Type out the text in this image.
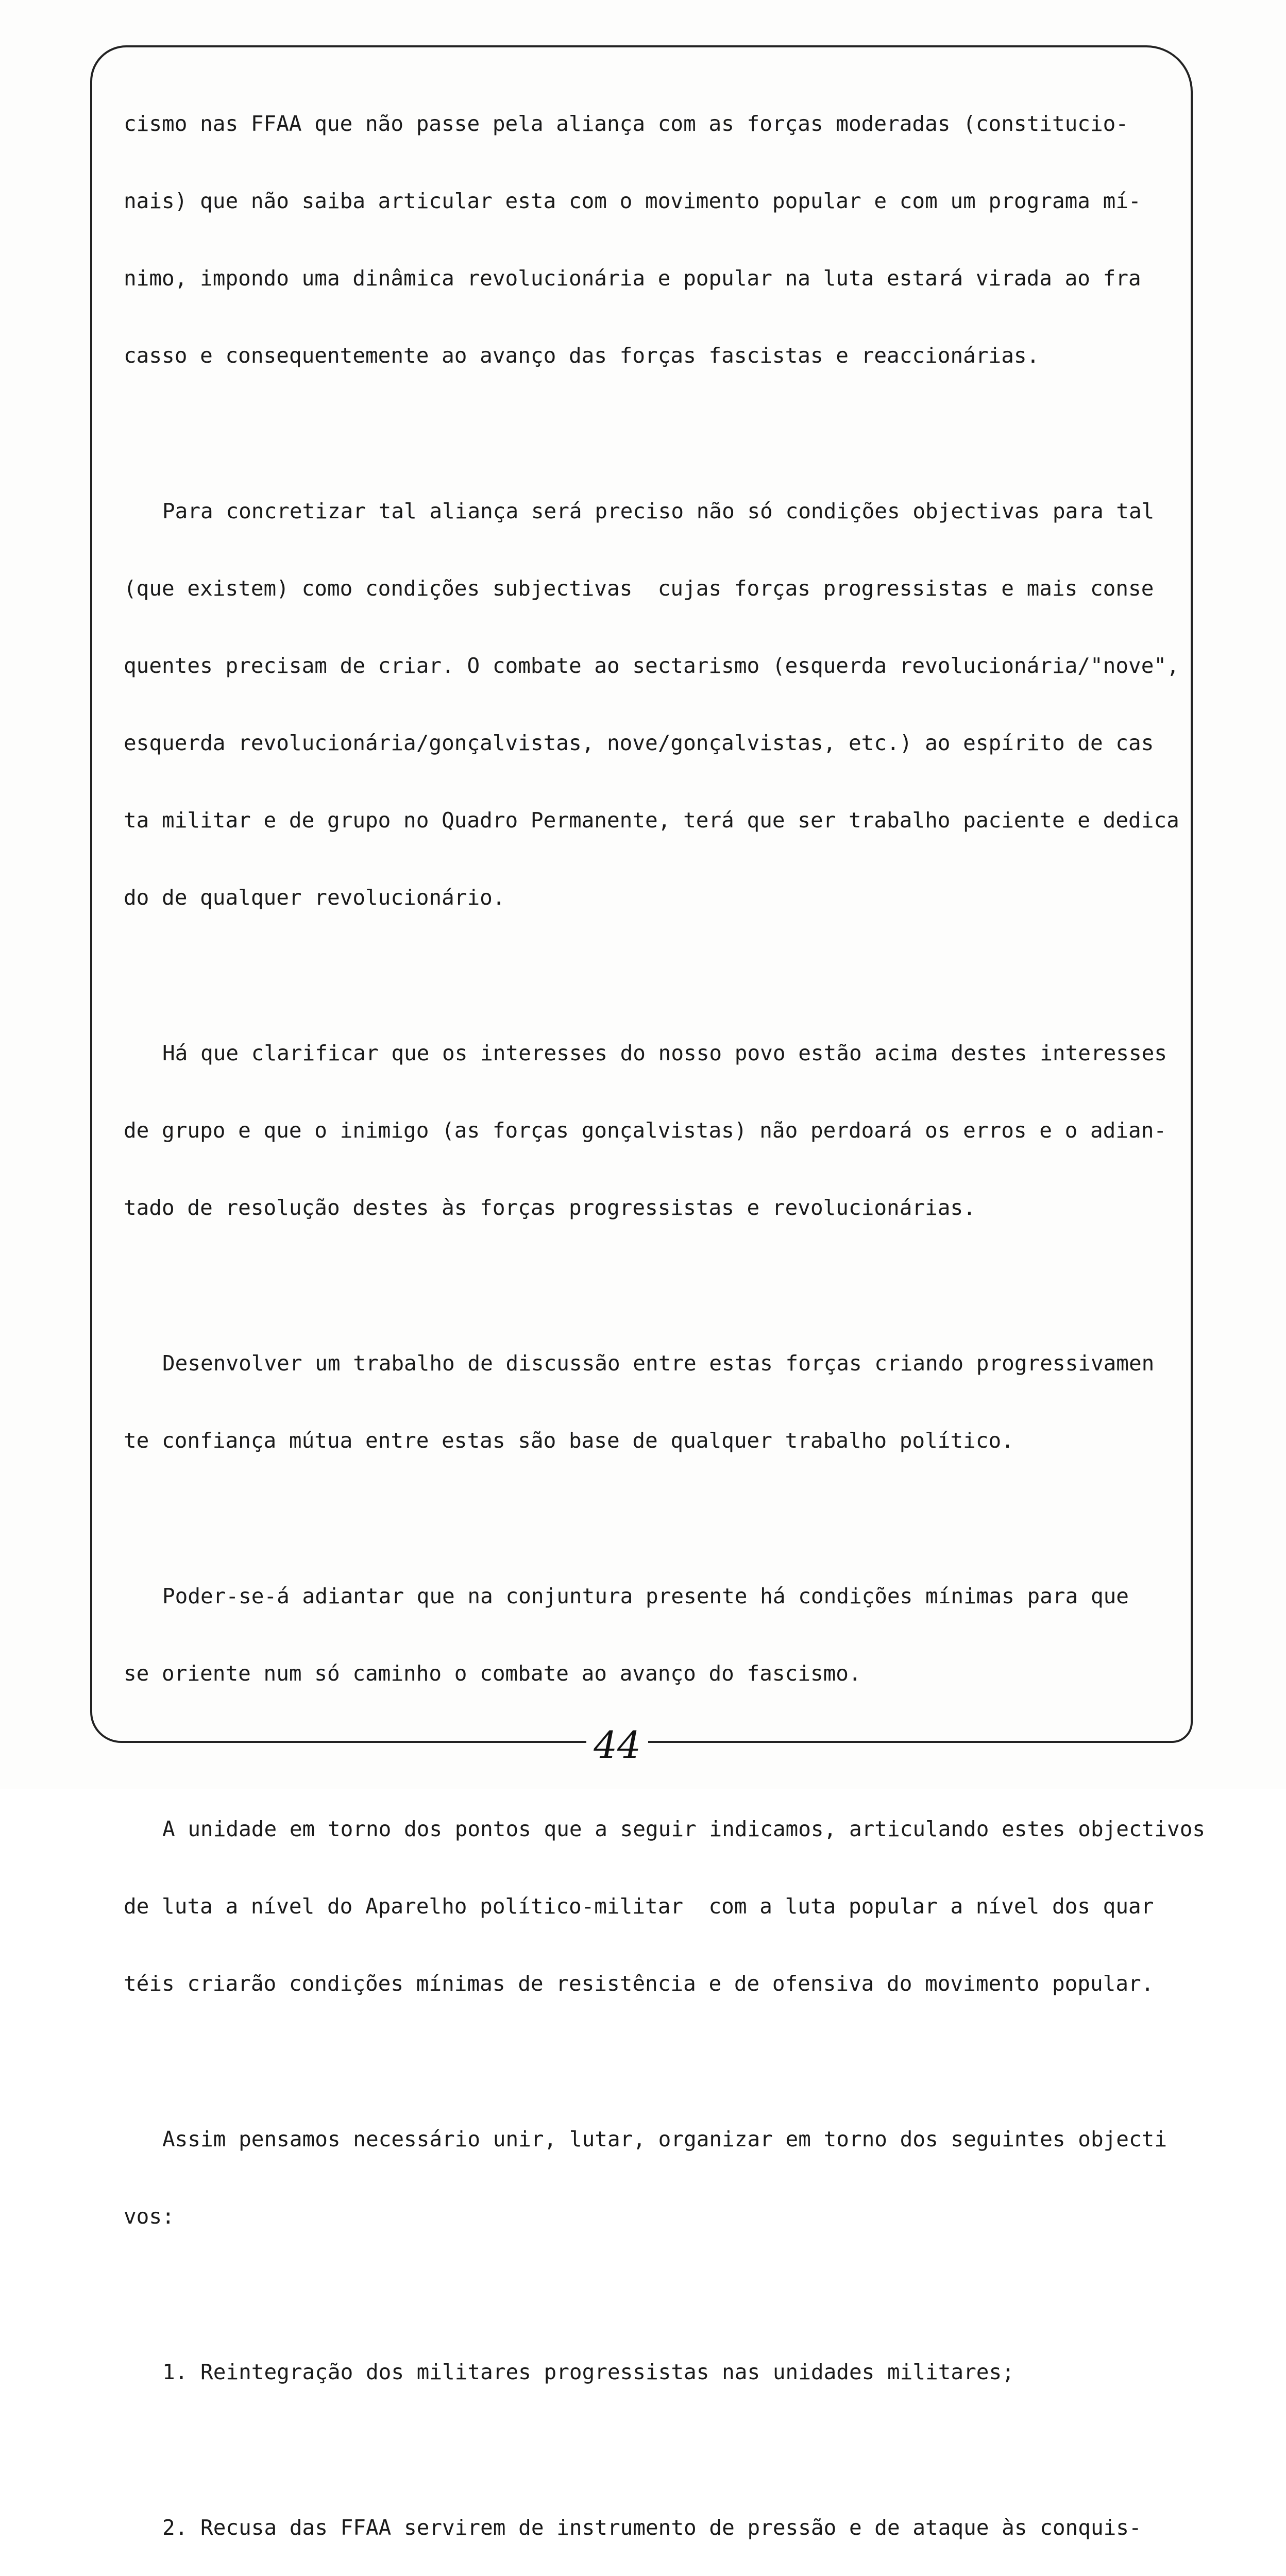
cismo nas FFAA que não passe pela aliança com as forças moderadas (constitucio-

nais) que não saiba articular esta com o movimento popular e com um programa mí-

nimo, impondo uma dinâmica revolucionária e popular na luta estará virada ao fra

casso e consequentemente ao avanço das forças fascistas e reaccionárias.

Para concretizar tal aliança será preciso não só condições objectivas para tal

(que existem) como condições subjectivas  cujas forças progressistas e mais conse

quentes precisam de criar. O combate ao sectarismo (esquerda revolucionária/"nove",

esquerda revolucionária/gonçalvistas, nove/gonçalvistas, etc.) ao espírito de cas

ta militar e de grupo no Quadro Permanente, terá que ser trabalho paciente e dedica

do de qualquer revolucionário.

Há que clarificar que os interesses do nosso povo estão acima destes interesses

de grupo e que o inimigo (as forças gonçalvistas) não perdoará os erros e o adian-

tado de resolução destes às forças progressistas e revolucionárias.

Desenvolver um trabalho de discussão entre estas forças criando progressivamen

te confiança mútua entre estas são base de qualquer trabalho político.

Poder-se-á adiantar que na conjuntura presente há condições mínimas para que

se oriente num só caminho o combate ao avanço do fascismo.

A unidade em torno dos pontos que a seguir indicamos, articulando estes objectivos

de luta a nível do Aparelho político-militar  com a luta popular a nível dos quar

téis criarão condições mínimas de resistência e de ofensiva do movimento popular.

Assim pensamos necessário unir, lutar, organizar em torno dos seguintes objecti

vos:

1. Reintegração dos militares progressistas nas unidades militares;

2. Recusa das FFAA servirem de instrumento de pressão e de ataque às conquis-

44
